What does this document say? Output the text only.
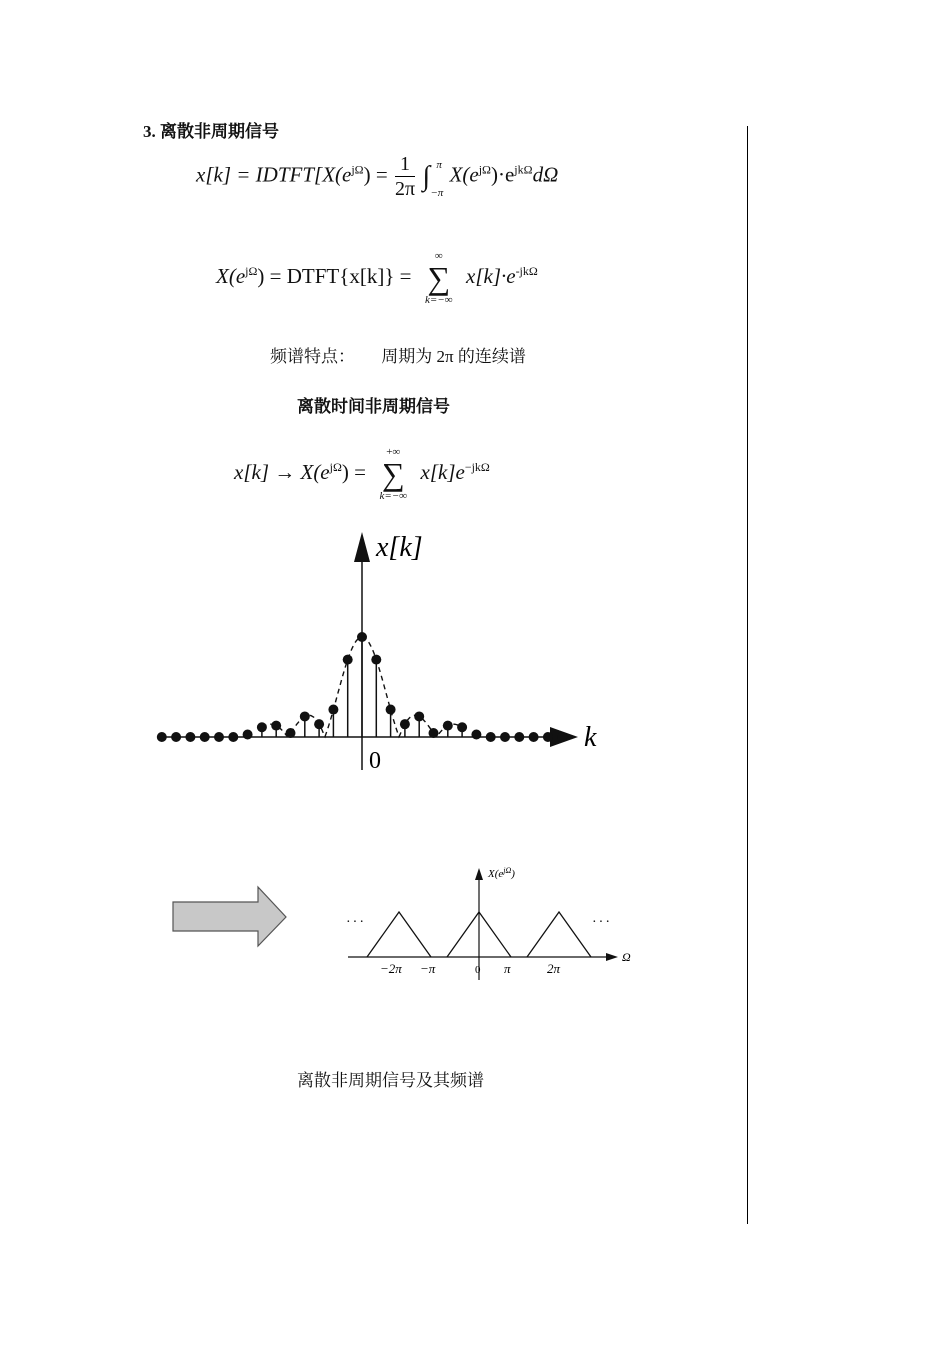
3. 离散非周期信号
$x[k] = IDTFT[X(e^{j\Omega}) = \frac{1}{2\pi}$ ∫ π
−π
$X(e^{j\Omega})\cdot e^{jk\Omega}d\Omega$
$X(e^{j\Omega})$ = DTFT{x[k]} =
∞
∑
k=−∞
$x[k]\cdot e^{-jk\Omega}$
频谱特点： 周期为 2π 的连续谱
离散时间非周期信号
$x[k] \to X(e^{j\Omega})$ =
+∞
∑
k=−∞
$x[k]e^{-jk\Omega}$
x[k]
k
0
$X(e^{j\Omega})$
Ω
···	···
−2π −π	0 π	2π
离散非周期信号及其频谱
